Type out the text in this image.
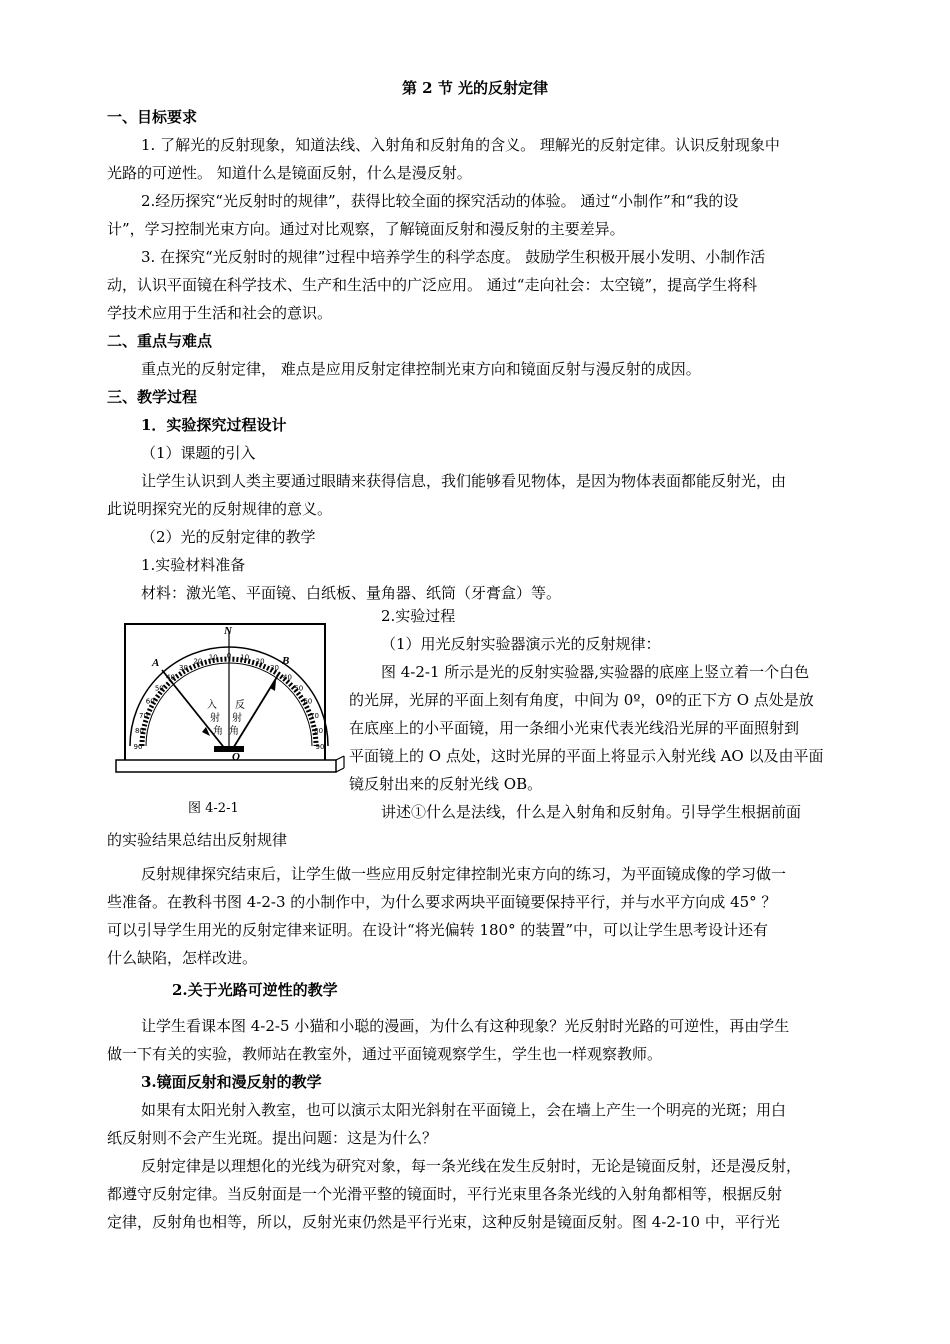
第 2 节 光的反射定律
一、目标要求
1. 了解光的反射现象，知道法线、入射角和反射角的含义。 理解光的反射定律。认识反射现象中
光路的可逆性。 知道什么是镜面反射，什么是漫反射。
2.经历探究“光反射时的规律”，获得比较全面的探究活动的体验。 通过“小制作”和“我的设
计”，学习控制光束方向。通过对比观察，了解镜面反射和漫反射的主要差异。
3. 在探究“光反射时的规律”过程中培养学生的科学态度。 鼓励学生积极开展小发明、小制作活
动，认识平面镜在科学技术、生产和生活中的广泛应用。 通过“走向社会：太空镜”，提高学生将科
学技术应用于生活和社会的意识。
二、重点与难点
重点光的反射定律， 难点是应用反射定律控制光束方向和镜面反射与漫反射的成因。
三、教学过程
1．实验探究过程设计
（1）课题的引入
让学生认识到人类主要通过眼睛来获得信息，我们能够看见物体，是因为物体表面都能反射光，由
此说明探究光的反射规律的意义。
（2）光的反射定律的教学
1.实验材料准备
材料：激光笔、平面镜、白纸板、量角器、纸筒（牙膏盒）等。
N
A	B
O
入
射
角
反
射
角
90
80
70
60
50
40
30
20
10 0 10
20
30
40
50
60
70
80
90
图 4-2-1
2.实验过程
（1）用光反射实验器演示光的反射规律：
图 4-2-1 所示是光的反射实验器,实验器的底座上竖立着一个白色
的光屏，光屏的平面上刻有角度，中间为 0º，0º的正下方 O 点处是放
在底座上的小平面镜，用一条细小光束代表光线沿光屏的平面照射到
平面镜上的 O 点处，这时光屏的平面上将显示入射光线 AO 以及由平面
镜反射出来的反射光线 OB。
讲述①什么是法线，什么是入射角和反射角。引导学生根据前面
的实验结果总结出反射规律
反射规律探究结束后，让学生做一些应用反射定律控制光束方向的练习，为平面镜成像的学习做一
些准备。在教科书图 4-2-3 的小制作中，为什么要求两块平面镜要保持平行，并与水平方向成 45° ？
可以引导学生用光的反射定律来证明。在设计“将光偏转 180° 的装置”中，可以让学生思考设计还有
什么缺陷，怎样改进。
2.关于光路可逆性的教学
让学生看课本图 4-2-5 小猫和小聪的漫画，为什么有这种现象？光反射时光路的可逆性，再由学生
做一下有关的实验，教师站在教室外，通过平面镜观察学生，学生也一样观察教师。
3.镜面反射和漫反射的教学
如果有太阳光射入教室，也可以演示太阳光斜射在平面镜上，会在墙上产生一个明亮的光斑；用白
纸反射则不会产生光斑。提出问题：这是为什么？
反射定律是以理想化的光线为研究对象，每一条光线在发生反射时，无论是镜面反射，还是漫反射，
都遵守反射定律。当反射面是一个光滑平整的镜面时，平行光束里各条光线的入射角都相等，根据反射
定律，反射角也相等，所以，反射光束仍然是平行光束，这种反射是镜面反射。图 4-2-10 中，平行光
